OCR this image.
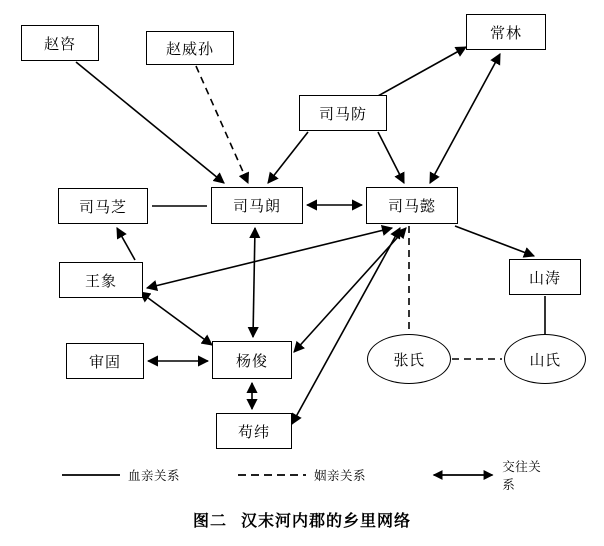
赵咨	赵威孙
常林
司马防
司马芝	司马朗	司马懿
王象	山涛
审固	杨俊	张氏	山氏
苟纬
血亲关系	姻亲关系
交往关系
图二 汉末河内郡的乡里网络
